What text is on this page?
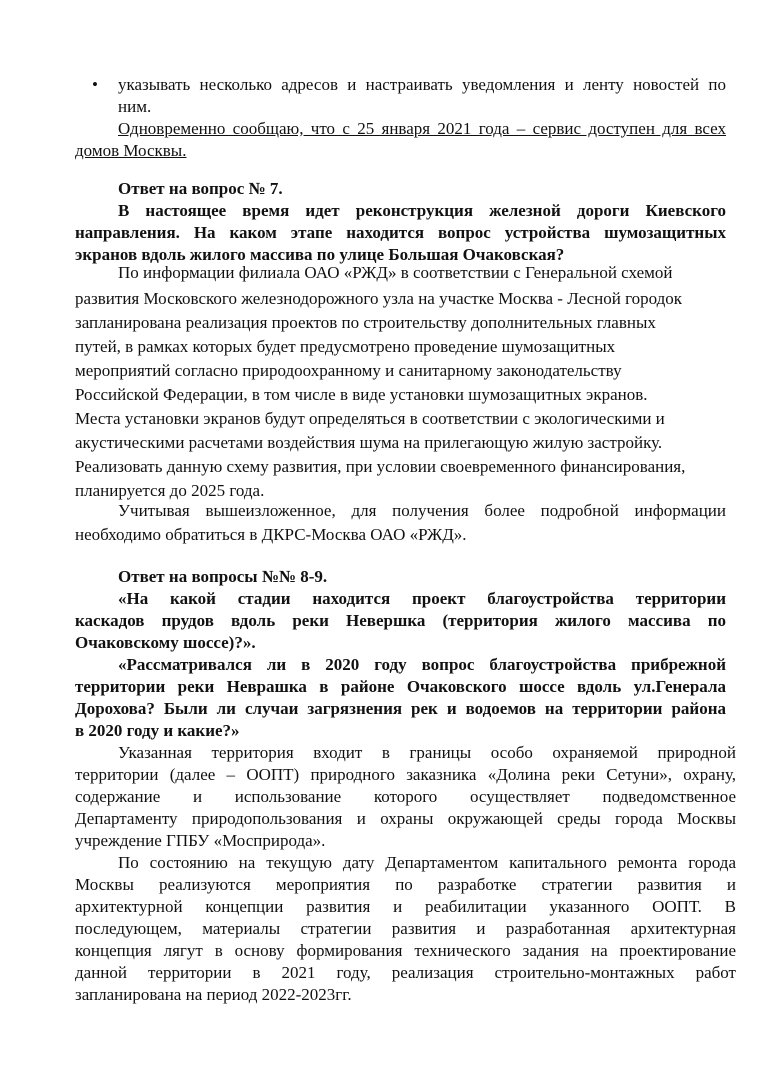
• указывать несколько адресов и настраивать уведомления и ленту новостей по
ним.
Одновременно сообщаю, что с 25 января 2021 года – сервис доступен для всех
домов Москвы.
Ответ на вопрос № 7.
В настоящее время идет реконструкция железной дороги Киевского
направления. На каком этапе находится вопрос устройства шумозащитных
экранов вдоль жилого массива по улице Большая Очаковская?
По информации филиала ОАО «РЖД» в соответствии с Генеральной схемой
развития Московского железнодорожного узла на участке Москва - Лесной городок
запланирована реализация проектов по строительству дополнительных главных
путей, в рамках которых будет предусмотрено проведение шумозащитных
мероприятий согласно природоохранному и санитарному законодательству
Российской Федерации, в том числе в виде установки шумозащитных экранов.
Места установки экранов будут определяться в соответствии с экологическими и
акустическими расчетами воздействия шума на прилегающую жилую застройку.
Реализовать данную схему развития, при условии своевременного финансирования,
планируется до 2025 года.
Учитывая вышеизложенное, для получения более подробной информации
необходимо обратиться в ДКРС-Москва ОАО «РЖД».
Ответ на вопросы №№ 8-9.
«На какой стадии находится проект благоустройства территории
каскадов прудов вдоль реки Невершка (территория жилого массива по
Очаковскому шоссе)?».
«Рассматривался ли в 2020 году вопрос благоустройства прибрежной
территории реки Неврашка в районе Очаковского шоссе вдоль ул.Генерала
Дорохова? Были ли случаи загрязнения рек и водоемов на территории района
в 2020 году и какие?»
Указанная территория входит в границы особо охраняемой природной
территории (далее – ООПТ) природного заказника «Долина реки Сетуни», охрану,
содержание и использование которого осуществляет подведомственное
Департаменту природопользования и охраны окружающей среды города Москвы
учреждение ГПБУ «Мосприрода».
По состоянию на текущую дату Департаментом капитального ремонта города
Москвы реализуются мероприятия по разработке стратегии развития и
архитектурной концепции развития и реабилитации указанного ООПТ. В
последующем, материалы стратегии развития и разработанная архитектурная
концепция лягут в основу формирования технического задания на проектирование
данной территории в 2021 году, реализация строительно-монтажных работ
запланирована на период 2022-2023гг.
